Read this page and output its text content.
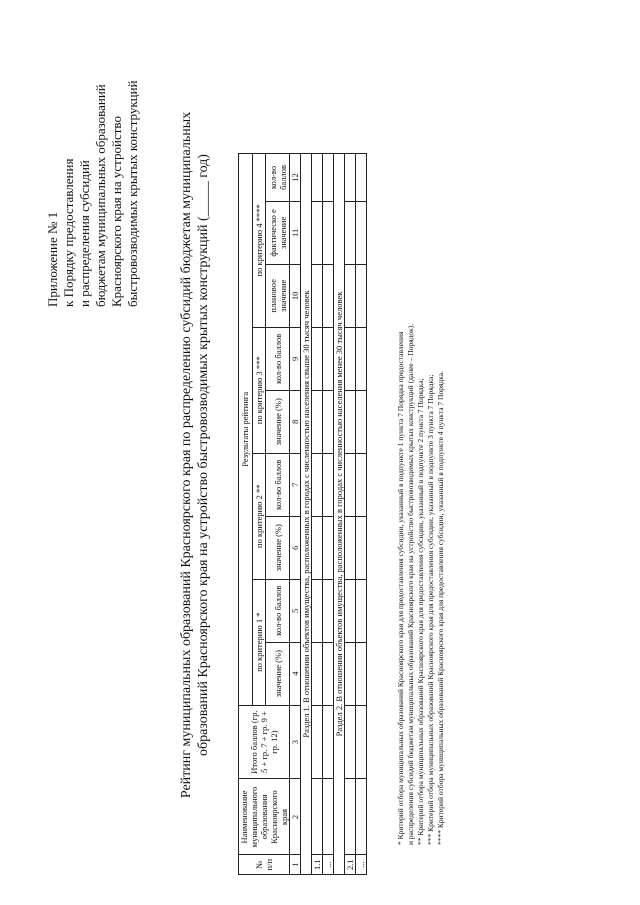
Приложение № 1 к Порядку предоставления и распределения субсидий бюджетам муниципальных образований Красноярского края на устройство быстровозводимых крытых конструкций	Рейтинг муниципальных образований Красноярского края по распределению субсидий бюджетам муниципальных образований Красноярского края на устройство быстровозводимых крытых конструкций (_____ год)
№ п/п	Наименование муниципального образования Красноярского края	Итого баллов (гр. 5 + гр. 7 + гр. 9 + гр. 12)	Результаты рейтинга								
			по критерию 1 *		по критерию 2 **		по критерию 3 ***		по критерию 4 ****		
			значение (%)	кол-во баллов	значение (%)	кол-во баллов	значение (%)	кол-во баллов	плановое значение	фактическо е значение	кол-во баллов
1	2	3	4	5	6	7	8	9	10	11	12
Раздел 1. В отношении объектов имущества, расположенных в городах с численностью населения свыше 30 тысяч человек											
1.1											
...											
Раздел 2. В отношении объектов имущества, расположенных в городах с численностью населения менее 30 тысяч человек											
2.1											
...											
* Критерий отбора муниципальных образований Красноярского края для предоставления субсидии, указанный в подпункте 1 пункта 7 Порядка предоставления и распределения субсидий бюджетам муниципальных образований Красноярского края на устройство быстровозводимых крытых конструкций (далее – Порядок). ** Критерий отбора муниципальных образований Красноярского края для предоставления субсидии, указанный в подпункте 2 пункта 7 Порядка; *** Критерий отбора муниципальных образований Красноярского края для предоставления субсидии, указанный в подпункте 3 пункта 7 Порядка; **** Критерий отбора муниципальных образований Красноярского края для предоставления субсидии, указанный в подпункте 4 пункта 7 Порядка.
